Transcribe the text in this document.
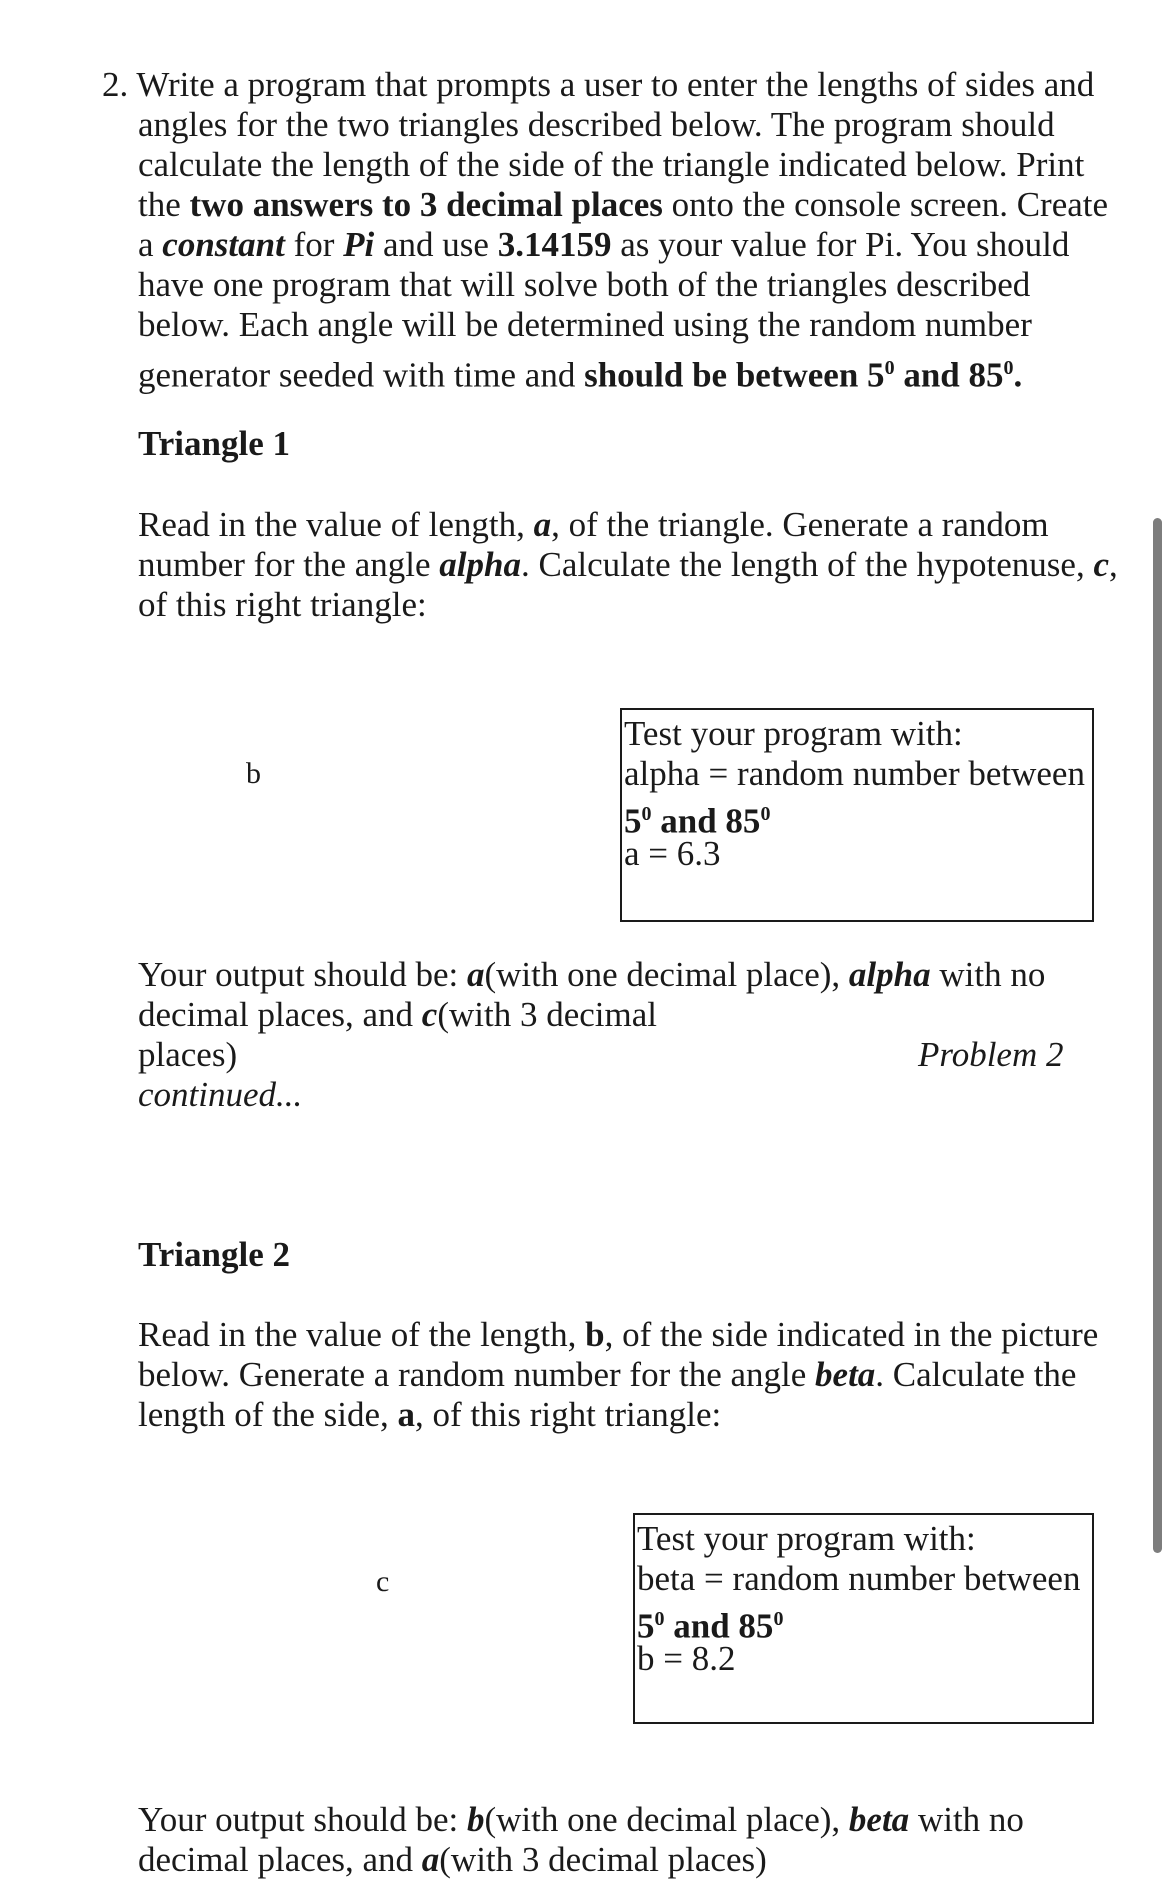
2. Write a program that prompts a user to enter the lengths of sides and

angles for the two triangles described below. The program should

calculate the length of the side of the triangle indicated below. Print

the two answers to 3 decimal places onto the console screen. Create

a constant for Pi and use 3.14159 as your value for Pi. You should

have one program that will solve both of the triangles described

below. Each angle will be determined using the random number

generator seeded with time and should be between $5^0$ and $85^0$.

Triangle 1

Read in the value of length, a, of the triangle. Generate a random

number for the angle alpha. Calculate the length of the hypotenuse, c,

of this right triangle:

b
Test your program with:
alpha = random number between
$5^0$ and $85^0$
a = 6.3

Your output should be: a(with one decimal place), alpha with no

decimal places, and c(with 3 decimal

places)	Problem 2

continued...

Triangle 2

Read in the value of the length, b, of the side indicated in the picture

below. Generate a random number for the angle beta. Calculate the

length of the side, a, of this right triangle:

c
Test your program with:
beta = random number between
$5^0$ and $85^0$
b = 8.2

Your output should be: b(with one decimal place), beta with no

decimal places, and a(with 3 decimal places)
